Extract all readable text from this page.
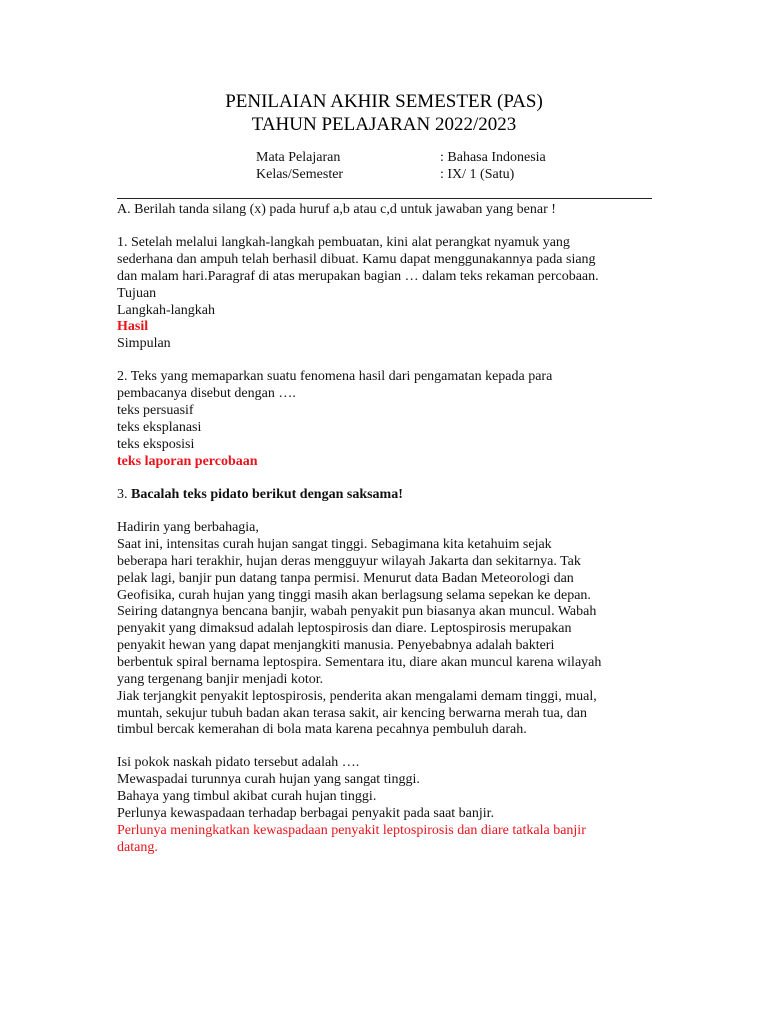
PENILAIAN AKHIR SEMESTER (PAS)
TAHUN PELAJARAN 2022/2023
Mata Pelajaran	: Bahasa Indonesia
Kelas/Semester	: IX/ 1 (Satu)
A. Berilah tanda silang (x) pada huruf a,b atau c,d untuk jawaban yang benar !
1. Setelah melalui langkah-langkah pembuatan, kini alat perangkat nyamuk yang
sederhana dan ampuh telah berhasil dibuat. Kamu dapat menggunakannya pada siang
dan malam hari.Paragraf di atas merupakan bagian … dalam teks rekaman percobaan.
Tujuan
Langkah-langkah
Hasil
Simpulan
2. Teks yang memaparkan suatu fenomena hasil dari pengamatan kepada para
pembacanya disebut dengan ….
teks persuasif
teks eksplanasi
teks eksposisi
teks laporan percobaan
3. Bacalah teks pidato berikut dengan saksama!
Hadirin yang berbahagia,
Saat ini, intensitas curah hujan sangat tinggi. Sebagimana kita ketahuim sejak
beberapa hari terakhir, hujan deras mengguyur wilayah Jakarta dan sekitarnya. Tak
pelak lagi, banjir pun datang tanpa permisi. Menurut data Badan Meteorologi dan
Geofisika, curah hujan yang tinggi masih akan berlagsung selama sepekan ke depan.
Seiring datangnya bencana banjir, wabah penyakit pun biasanya akan muncul. Wabah
penyakit yang dimaksud adalah leptospirosis dan diare. Leptospirosis merupakan
penyakit hewan yang dapat menjangkiti manusia. Penyebabnya adalah bakteri
berbentuk spiral bernama leptospira. Sementara itu, diare akan muncul karena wilayah
yang tergenang banjir menjadi kotor.
Jiak terjangkit penyakit leptospirosis, penderita akan mengalami demam tinggi, mual,
muntah, sekujur tubuh badan akan terasa sakit, air kencing berwarna merah tua, dan
timbul bercak kemerahan di bola mata karena pecahnya pembuluh darah.
Isi pokok naskah pidato tersebut adalah ….
Mewaspadai turunnya curah hujan yang sangat tinggi.
Bahaya yang timbul akibat curah hujan tinggi.
Perlunya kewaspadaan terhadap berbagai penyakit pada saat banjir.
Perlunya meningkatkan kewaspadaan penyakit leptospirosis dan diare tatkala banjir
datang.
